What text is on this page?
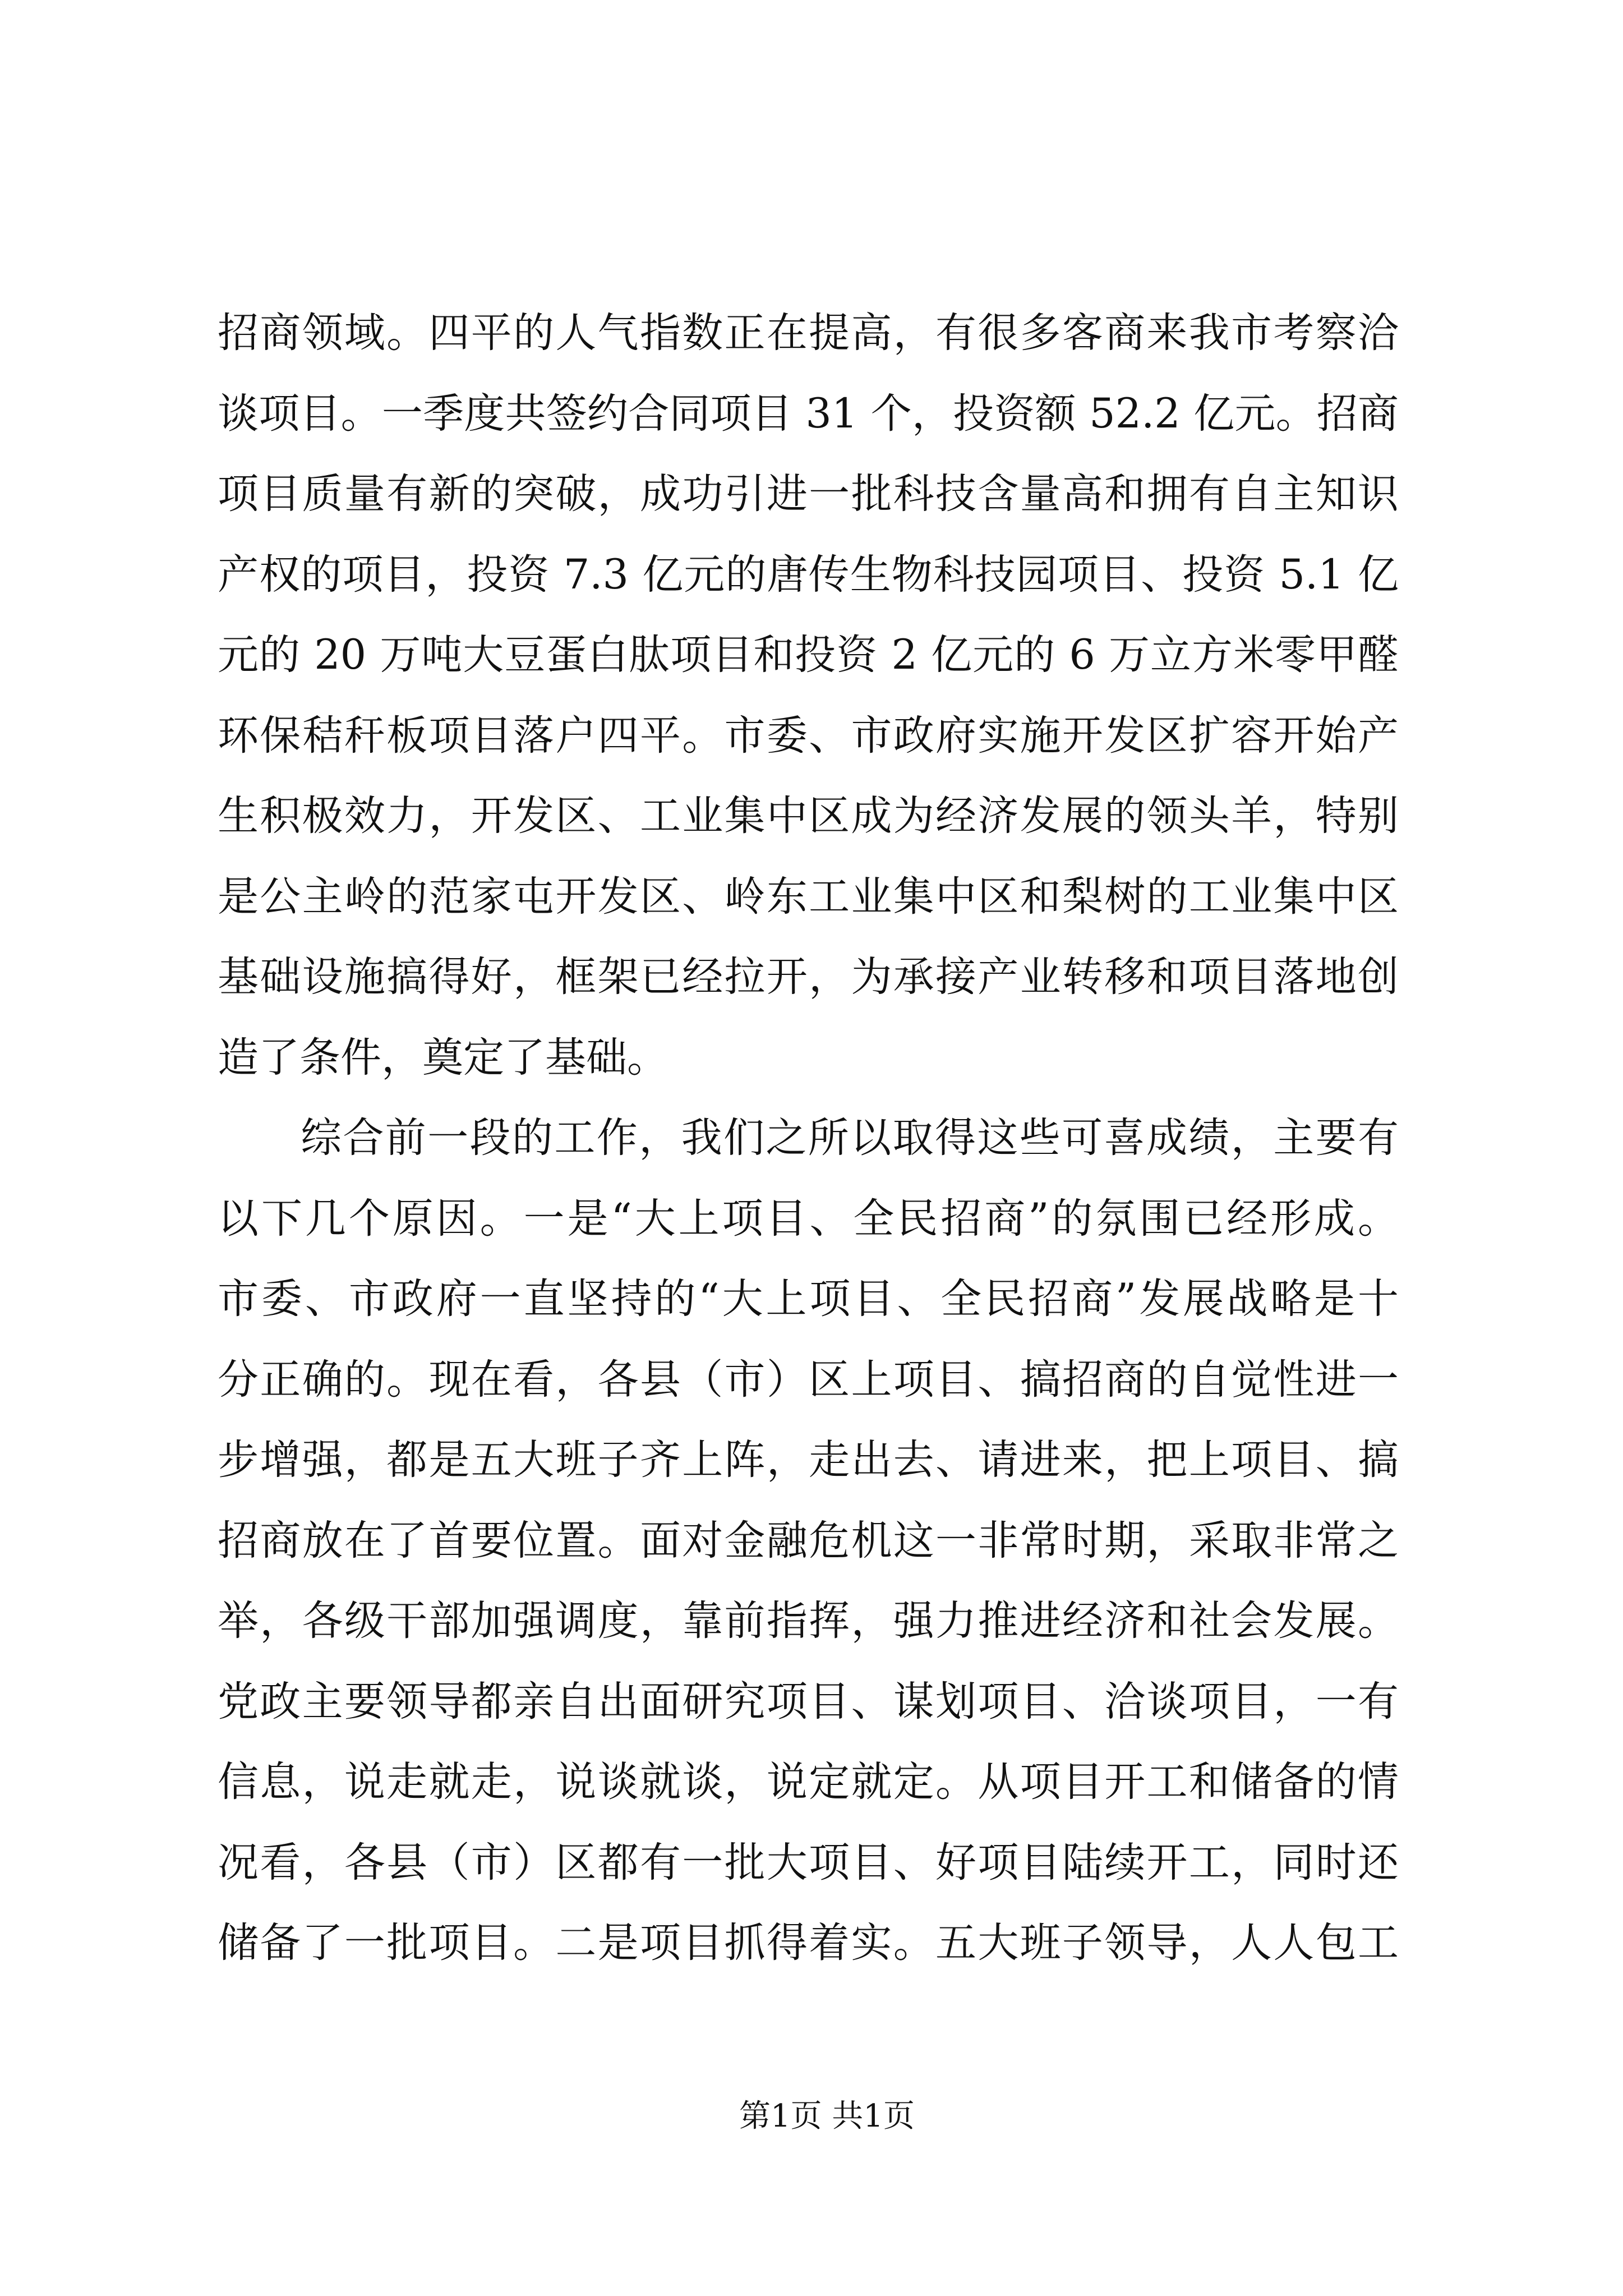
招商领域。四平的人气指数正在提高，有很多客商来我市考察洽
谈项目。一季度共签约合同项目 31 个，投资额 52.2 亿元。招商
项目质量有新的突破，成功引进一批科技含量高和拥有自主知识
产权的项目，投资 7.3 亿元的唐传生物科技园项目、投资 5.1 亿
元的 20 万吨大豆蛋白肽项目和投资 2 亿元的 6 万立方米零甲醛
环保秸秆板项目落户四平。市委、市政府实施开发区扩容开始产
生积极效力，开发区、工业集中区成为经济发展的领头羊，特别
是公主岭的范家屯开发区、岭东工业集中区和梨树的工业集中区
基础设施搞得好，框架已经拉开，为承接产业转移和项目落地创
造了条件，奠定了基础。
综合前一段的工作，我们之所以取得这些可喜成绩，主要有
以下几个原因。一是“大上项目、全民招商”的氛围已经形成。
市委、市政府一直坚持的“大上项目、全民招商”发展战略是十
分正确的。现在看，各县（市）区上项目、搞招商的自觉性进一
步增强，都是五大班子齐上阵，走出去、请进来，把上项目、搞
招商放在了首要位置。面对金融危机这一非常时期，采取非常之
举，各级干部加强调度，靠前指挥，强力推进经济和社会发展。
党政主要领导都亲自出面研究项目、谋划项目、洽谈项目，一有
信息，说走就走，说谈就谈，说定就定。从项目开工和储备的情
况看，各县（市）区都有一批大项目、好项目陆续开工，同时还
储备了一批项目。二是项目抓得着实。五大班子领导，人人包工
第1页 共1页
